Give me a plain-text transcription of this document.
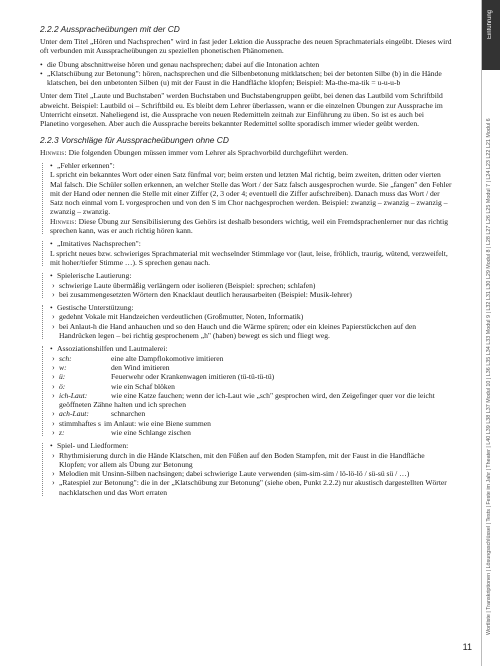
2.2.2 Ausspracheübungen mit der CD

Unter dem Titel „Hören und Nachsprechen" wird in fast jeder Lektion die Aussprache des neuen Sprachmaterials eingeübt. Dieses wird oft verbunden mit Ausspracheübungen zu speziellen phonetischen Phänomenen.

• die Übung abschnittweise hören und genau nachsprechen; dabei auf die Intonation achten

• „Klatschübung zur Betonung": hören, nachsprechen und die Silbenbetonung mitklatschen; bei der betonten Silbe (b) in die Hände klatschen, bei den unbetonten Silben (u) mit der Faust in die Handfläche klopfen; Beispiel: Ma-the-ma-tik = u-u-u-b

Unter dem Titel „Laute und Buchstaben" werden Buchstaben und Buchstabengruppen geübt, bei denen das Lautbild vom Schriftbild abweicht. Beispiel: Lautbild oi – Schriftbild eu. Es bleibt dem Lehrer überlassen, wann er die einzelnen Übungen zur Aussprache im Unterricht einsetzt. Naheliegend ist, die Aussprache von neuen Redemitteln zeitnah zur Einführung zu üben. So ist es auch bei Planetino vorgesehen. Aber auch die Aussprache bereits bekannter Redemittel sollte sporadisch immer wieder geübt werden.

2.2.3 Vorschläge für Ausspracheübungen ohne CD

Hinweis: Die folgenden Übungen müssen immer vom Lehrer als Sprachvorbild durchgeführt werden.

• „Fehler erkennen":

L spricht ein bekanntes Wort oder einen Satz fünfmal vor; beim ersten und letzten Mal richtig, beim zweiten, dritten oder vierten Mal falsch. Die Schüler sollen erkennen, an welcher Stelle das Wort / der Satz falsch ausgesprochen wurde. Sie „fangen" den Fehler mit der Hand oder nennen die Stelle mit einer Ziffer (2, 3 oder 4; eventuell die Ziffer aufschreiben). Danach muss das Wort / der Satz noch einmal vom L vorgesprochen und von den S im Chor nachgesprochen werden. Beispiel: zwanzig – zwanzig – zwanzig – zwanzig – zwanzig.

Hinweis: Diese Übung zur Sensibilisierung des Gehörs ist deshalb besonders wichtig, weil ein Fremdsprachenlerner nur das richtig sprechen kann, was er auch richtig hören kann.

• „Imitatives Nachsprechen":

L spricht neues bzw. schwieriges Sprachmaterial mit wechselnder Stimmlage vor (laut, leise, fröhlich, traurig, wütend, verzweifelt, mit hoher/tiefer Stimme …). S sprechen genau nach.

• Spielerische Lautierung:

› schwierige Laute übermäßig verlängern oder isolieren (Beispiel: sprechen; schlafen)

› bei zusammengesetzten Wörtern den Knacklaut deutlich herausarbeiten (Beispiel: Musik-lehrer)

• Gestische Unterstützung:

› gedehnt Vokale mit Handzeichen verdeutlichen (Großmutter, Noten, Informatik)

› bei Anlaut-h die Hand anhauchen und so den Hauch und die Wärme spüren; oder ein kleines Papierstückchen auf den Handrücken legen – bei richtig gesprochenem „h" (haben) bewegt es sich und fliegt weg.

• Assoziationshilfen und Lautmalerei:

› sch:	eine alte Dampflokomotive imitieren

› w:	den Wind imitieren

› ü:	Feuerwehr oder Krankenwagen imitieren (tü-tü-tü-tü)

› ö:	wie ein Schaf blöken

› ich-Laut:	wie eine Katze fauchen; wenn der ich-Laut wie „sch" gesprochen wird, den Zeigefinger quer vor die leicht geöffneten Zähne halten und ich sprechen

› ach-Laut:	schnarchen

› stimmhaftes s im Anlaut: wie eine Biene summen

› z:	wie eine Schlange zischen

• Spiel- und Liedformen:

› Rhythmisierung durch in die Hände Klatschen, mit den Füßen auf den Boden Stampfen, mit der Faust in die Handfläche Klopfen; vor allem als Übung zur Betonung

› Melodien mit Unsinn-Silben nachsingen; dabei schwierige Laute verwenden (sim-sim-sim / lö-lö-lö / sü-sü sü / …)

› „Ratespiel zur Betonung": die in der „Klatschübung zur Betonung" (siehe oben, Punkt 2.2.2) nur akustisch dargestellten Wörter nachklatschen und das Wort erraten

Einführung
Wortliste | Transkriptionen | Lösungsschlüssel | Tests | Feste im Jahr | Theater | L40 L39 L38 L37 Modul 10 | L36 L35 L34 L33 Modul 9 | L32 L31 L30 L29 Modul 8 | L28 L27 L26 L25 Modul 7 | L24 L23 L22 L21 Modul 6
11
